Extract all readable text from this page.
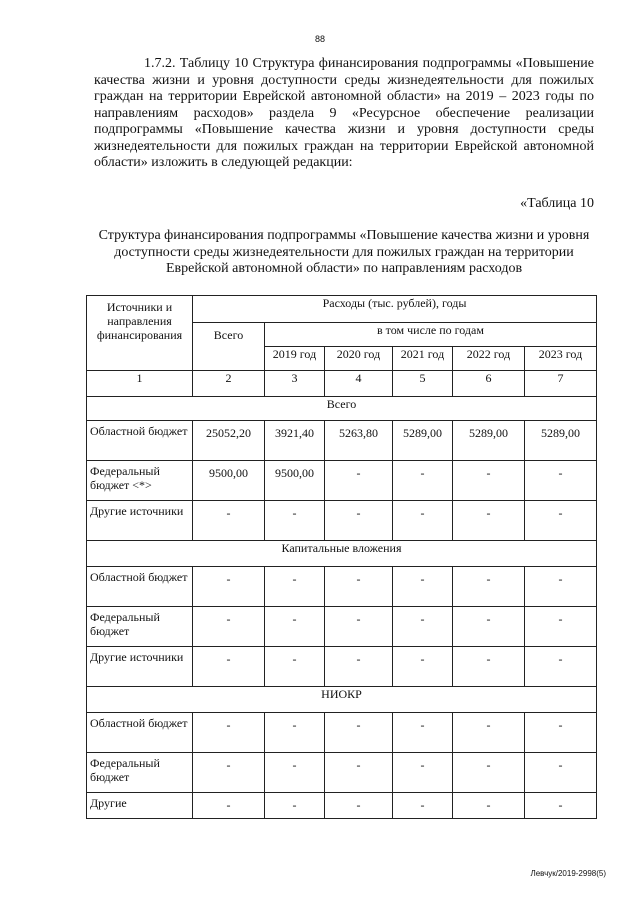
88

1.7.2. Таблицу 10 Структура финансирования подпрограммы «Повышение качества жизни и уровня доступности среды жизнедеятельности для пожилых граждан на территории Еврейской автономной области» на 2019 – 2023 годы по направлениям расходов» раздела 9 «Ресурсное обеспечение реализации подпрограммы «Повышение качества жизни и уровня доступности среды жизнедеятельности для пожилых граждан на территории Еврейской автономной области» изложить в следующей редакции:

«Таблица 10
Структура финансирования подпрограммы «Повышение качества жизни и уровня доступности среды жизнедеятельности для пожилых граждан на территории Еврейской автономной области» по направлениям расходов
Источники и направления финансирования	Расходы (тыс. рублей), годы					
	Всего	в том числе по годам				
		2019 год	2020 год	2021 год	2022 год	2023 год
1	2	3	4	5	6	7
Всего						
Областной бюджет	25052,20	3921,40	5263,80	5289,00	5289,00	5289,00
Федеральный бюджет <*>	9500,00	9500,00	-	-	-	-
Другие источники	-	-	-	-	-	-
Капитальные вложения						
Областной бюджет	-	-	-	-	-	-
Федеральный бюджет	-	-	-	-	-	-
Другие источники	-	-	-	-	-	-
НИОКР						
Областной бюджет	-	-	-	-	-	-
Федеральный бюджет	-	-	-	-	-	-
Другие	-	-	-	-	-	-
Левчук/2019-2998(5)
